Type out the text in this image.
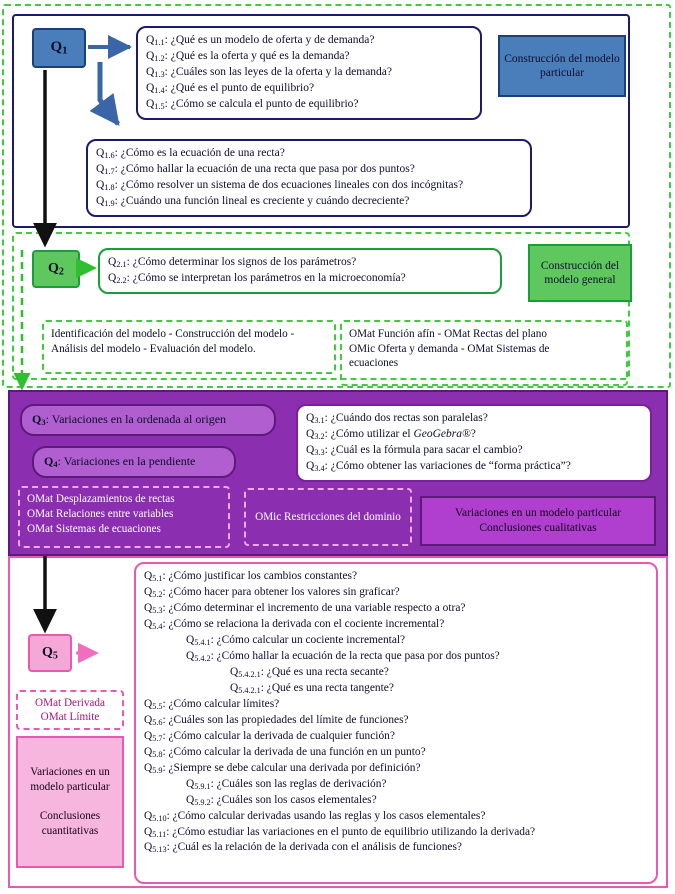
$Q_1$
$Q_{1.1}$: ¿Qué es un modelo de oferta y de demanda?
$Q_{1.2}$: ¿Qué es la oferta y qué es la demanda?
$Q_{1.3}$: ¿Cuáles son las leyes de la oferta y la demanda?
$Q_{1.4}$: ¿Qué es el punto de equilibrio?
$Q_{1.5}$: ¿Cómo se calcula el punto de equilibrio?
$Q_{1.6}$: ¿Cómo es la ecuación de una recta?
$Q_{1.7}$: ¿Cómo hallar la ecuación de una recta que pasa por dos puntos?
$Q_{1.8}$: ¿Cómo resolver un sistema de dos ecuaciones lineales con dos incógnitas?
$Q_{1.9}$: ¿Cuándo una función lineal es creciente y cuándo decreciente?
Construcción del modelo particular
$Q_2$
$Q_{2.1}$: ¿Cómo determinar los signos de los parámetros?
$Q_{2.2}$: ¿Cómo se interpretan los parámetros en la microeconomía?
Construcción del modelo general
Identificación del modelo - Construcción del modelo - Análisis del modelo - Evaluación del modelo.
OMat Función afín - OMat Rectas del plano
OMic Oferta y demanda - OMat Sistemas de
ecuaciones
$Q_3$: Variaciones en la ordenada al origen
$Q_4$: Variaciones en la pendiente
$Q_{3.1}$: ¿Cuándo dos rectas son paralelas?
$Q_{3.2}$: ¿Cómo utilizar el GeoGebra®?
$Q_{3.3}$: ¿Cuál es la fórmula para sacar el cambio?
$Q_{3.4}$: ¿Cómo obtener las variaciones de “forma práctica”?
OMat Desplazamientos de rectas
OMat Relaciones entre variables
OMat Sistemas de ecuaciones
OMic Restricciones del dominio	Variaciones en un modelo particular
Conclusiones cualitativas
$Q_5$
OMat Derivada
OMat Límite
Variaciones en un modelo particular
Conclusiones cuantitativas
$Q_{5.1}$: ¿Cómo justificar los cambios constantes?
$Q_{5.2}$: ¿Cómo hacer para obtener los valores sin graficar?
$Q_{5.3}$: ¿Cómo determinar el incremento de una variable respecto a otra?
$Q_{5.4}$: ¿Cómo se relaciona la derivada con el cociente incremental?
$Q_{5.4.1}$: ¿Cómo calcular un cociente incremental?
$Q_{5.4.2}$: ¿Cómo hallar la ecuación de la recta que pasa por dos puntos?
$Q_{5.4.2.1}$: ¿Qué es una recta secante?
$Q_{5.4.2.1}$: ¿Qué es una recta tangente?
$Q_{5.5}$: ¿Cómo calcular límites?
$Q_{5.6}$: ¿Cuáles son las propiedades del límite de funciones?
$Q_{5.7}$: ¿Cómo calcular la derivada de cualquier función?
$Q_{5.8}$: ¿Cómo calcular la derivada de una función en un punto?
$Q_{5.9}$: ¿Siempre se debe calcular una derivada por definición?
$Q_{5.9.1}$: ¿Cuáles son las reglas de derivación?
$Q_{5.9.2}$: ¿Cuáles son los casos elementales?
$Q_{5.10}$: ¿Cómo calcular derivadas usando las reglas y los casos elementales?
$Q_{5.11}$: ¿Cómo estudiar las variaciones en el punto de equilibrio utilizando la derivada?
$Q_{5.13}$: ¿Cuál es la relación de la derivada con el análisis de funciones?
